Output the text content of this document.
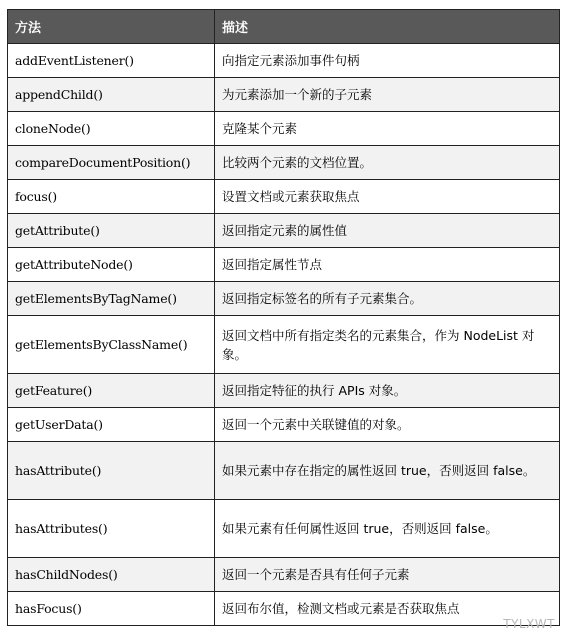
方法	描述
addEventListener()	向指定元素添加事件句柄
appendChild()	为元素添加一个新的子元素
cloneNode()	克隆某个元素
compareDocumentPosition()	比较两个元素的文档位置。
focus()	设置文档或元素获取焦点
getAttribute()	返回指定元素的属性值
getAttributeNode()	返回指定属性节点
getElementsByTagName()	返回指定标签名的所有子元素集合。
getElementsByClassName()	返回文档中所有指定类名的元素集合，作为 NodeList 对象。
getFeature()	返回指定特征的执行 APIs 对象。
getUserData()	返回一个元素中关联键值的对象。
hasAttribute()	如果元素中存在指定的属性返回 true，否则返回 false。
hasAttributes()	如果元素有任何属性返回 true，否则返回 false。
hasChildNodes()	返回一个元素是否具有任何子元素
hasFocus()	返回布尔值，检测文档或元素是否获取焦点
TYLXWT
